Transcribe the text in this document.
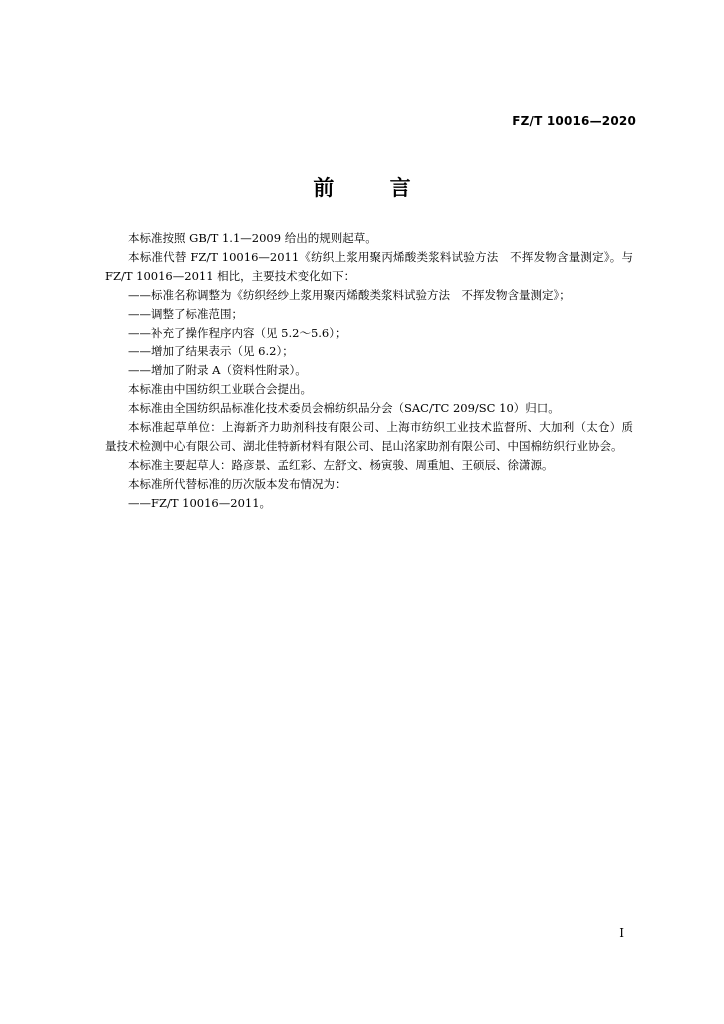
FZ/T 10016—2020
前 言

本标准按照 GB/T 1.1—2009 给出的规则起草。

本标准代替 FZ/T 10016—2011《纺织上浆用聚丙烯酸类浆料试验方法　不挥发物含量测定》。与 FZ/T 10016—2011 相比，主要技术变化如下：

——标准名称调整为《纺织经纱上浆用聚丙烯酸类浆料试验方法　不挥发物含量测定》；

——调整了标准范围；

——补充了操作程序内容（见 5.2～5.6）；

——增加了结果表示（见 6.2）；

——增加了附录 A（资料性附录）。

本标准由中国纺织工业联合会提出。

本标准由全国纺织品标准化技术委员会棉纺织品分会（SAC/TC 209/SC 10）归口。

本标准起草单位：上海新齐力助剂科技有限公司、上海市纺织工业技术监督所、大加利（太仓）质量技术检测中心有限公司、湖北佳特新材料有限公司、昆山洺家助剂有限公司、中国棉纺织行业协会。

本标准主要起草人：路彦景、孟红彩、左舒文、杨寅骏、周重旭、王硕辰、徐潇源。

本标准所代替标准的历次版本发布情况为：

——FZ/T 10016—2011。

I
